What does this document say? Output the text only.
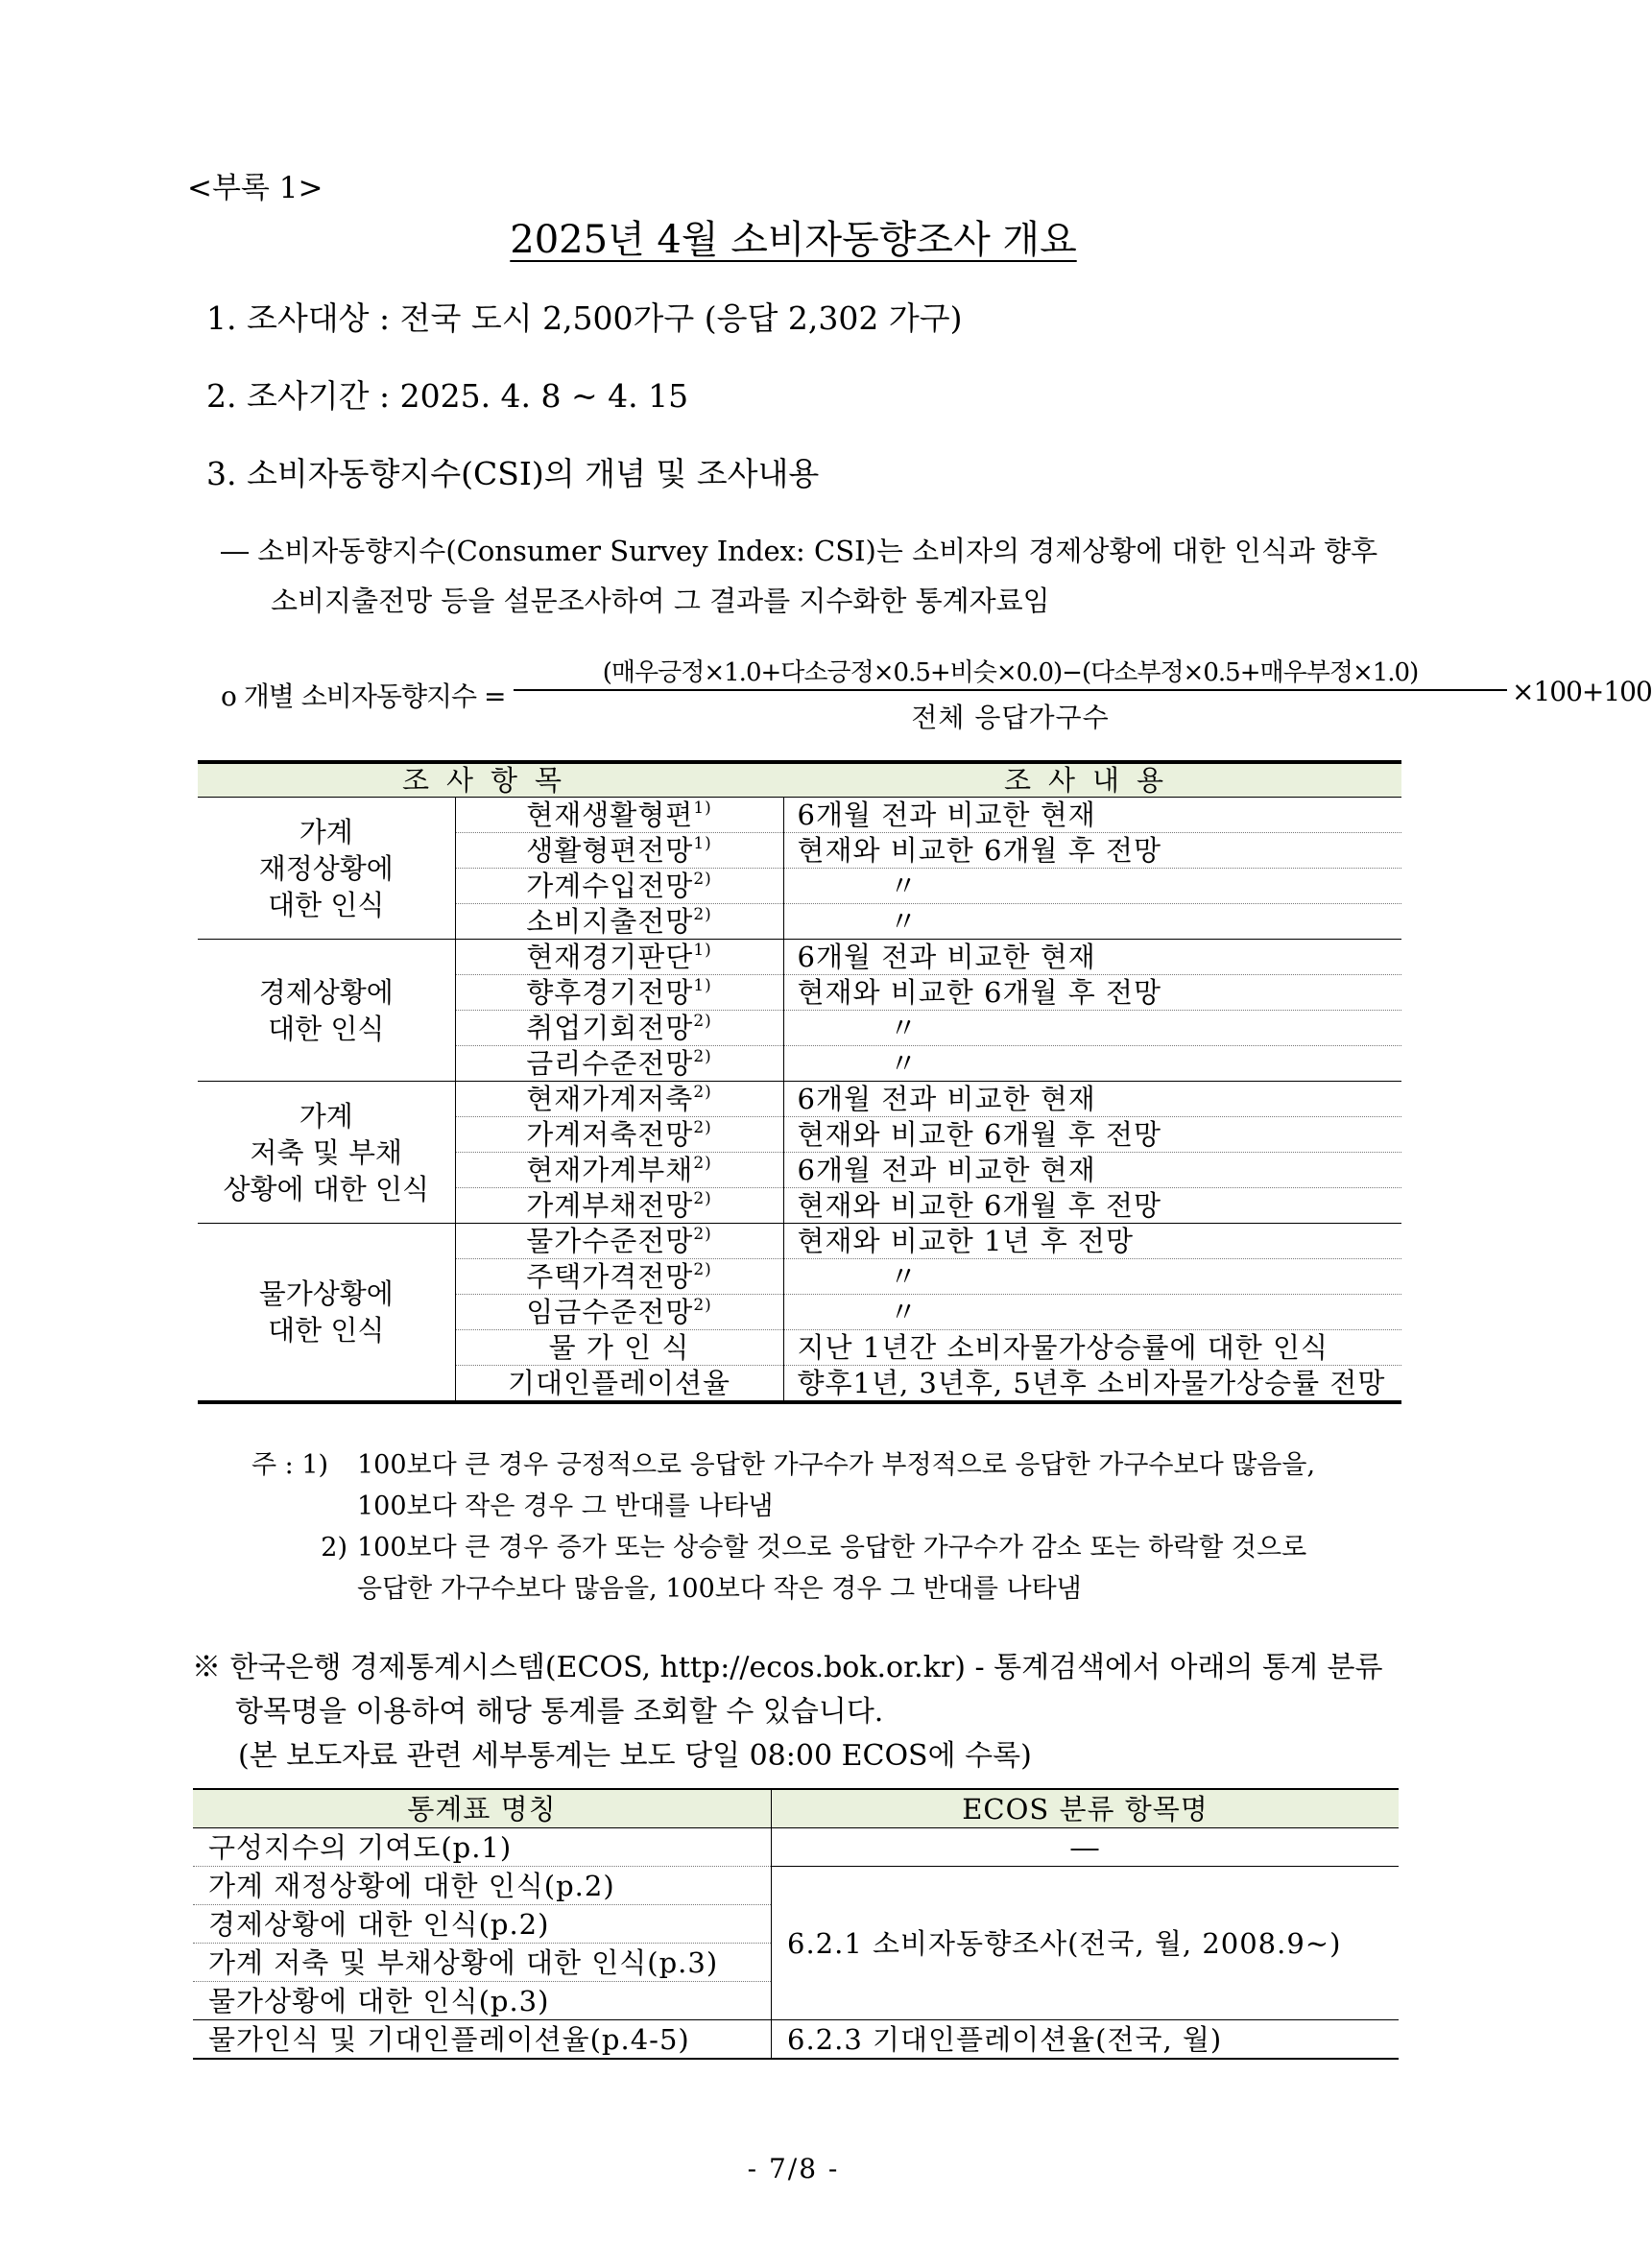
<부록 1>
2025년 4월 소비자동향조사 개요
1. 조사대상 : 전국 도시 2,500가구 (응답 2,302 가구)
2. 조사기간 : 2025. 4. 8 ~ 4. 15
3. 소비자동향지수(CSI)의 개념 및 조사내용
― 소비자동향지수(Consumer Survey Index: CSI)는 소비자의 경제상황에 대한 인식과 향후
소비지출전망 등을 설문조사하여 그 결과를 지수화한 통계자료임
o 개별 소비자동향지수 =
(매우긍정×1.0+다소긍정×0.5+비슷×0.0)−(다소부정×0.5+매우부정×1.0)
전체 응답가구수
×100+100
조사항목		조사내용

가계
재정상황에
대한 인식	현재생활형편$^{1)}$	6개월 전과 비교한 현재
	생활형편전망$^{1)}$	현재와 비교한 6개월 후 전망
	가계수입전망$^{2)}$	〃
	소비지출전망$^{2)}$	〃

경제상황에
대한 인식	현재경기판단$^{1)}$	6개월 전과 비교한 현재
	향후경기전망$^{1)}$	현재와 비교한 6개월 후 전망
	취업기회전망$^{2)}$	〃
	금리수준전망$^{2)}$	〃

가계
저축 및 부채
상황에 대한 인식	현재가계저축$^{2)}$	6개월 전과 비교한 현재
	가계저축전망$^{2)}$	현재와 비교한 6개월 후 전망
	현재가계부채$^{2)}$	6개월 전과 비교한 현재
	가계부채전망$^{2)}$	현재와 비교한 6개월 후 전망

물가상황에
대한 인식	물가수준전망$^{2)}$	현재와 비교한 1년 후 전망
	주택가격전망$^{2)}$	〃
	임금수준전망$^{2)}$	〃
	물 가 인 식	지난 1년간 소비자물가상승률에 대한 인식
	기대인플레이션율	향후1년, 3년후, 5년후 소비자물가상승률 전망
주 : 1)	100보다 큰 경우 긍정적으로 응답한 가구수가 부정적으로 응답한 가구수보다 많음을,
100보다 작은 경우 그 반대를 나타냄
2) 100보다 큰 경우 증가 또는 상승할 것으로 응답한 가구수가 감소 또는 하락할 것으로
응답한 가구수보다 많음을, 100보다 작은 경우 그 반대를 나타냄
※ 한국은행 경제통계시스템(ECOS, http://ecos.bok.or.kr) - 통계검색에서 아래의 통계 분류
항목명을 이용하여 해당 통계를 조회할 수 있습니다.
(본 보도자료 관련 세부통계는 보도 당일 08:00 ECOS에 수록)
통계표 명칭	ECOS 분류 항목명
구성지수의 기여도(p.1)	―
가계 재정상황에 대한 인식(p.2)	6.2.1 소비자동향조사(전국, 월, 2008.9~)
경제상황에 대한 인식(p.2)	
가계 저축 및 부채상황에 대한 인식(p.3)	
물가상황에 대한 인식(p.3)	
물가인식 및 기대인플레이션율(p.4-5)	6.2.3 기대인플레이션율(전국, 월)
- 7/8 -
